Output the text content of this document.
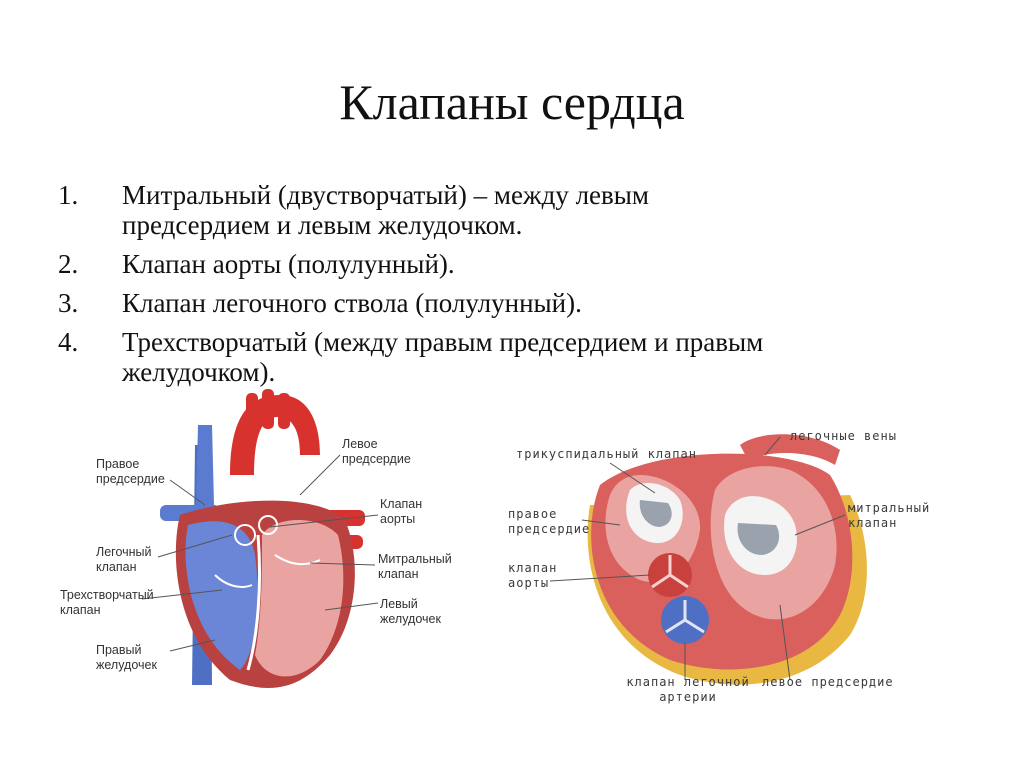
Клапаны сердца
1. Митральный (двустворчатый) – между левым
предсердием и левым желудочком.
2. Клапан аорты (полулунный).
3. Клапан легочного ствола (полулунный).
4. Трехстворчатый (между правым предсердием и правым
желудочком).
Правое
предсердие
Легочный
клапан
Трехстворчатый
клапан
Правый
желудочек
Левое
предсердие
Клапан
аорты
Митральный
клапан
Левый
желудочек
трикуспидальный клапан
легочные вены
правое
предсердие
митральный
клапан
клапан
аорты
клапан легочной
артерии
левое предсердие
